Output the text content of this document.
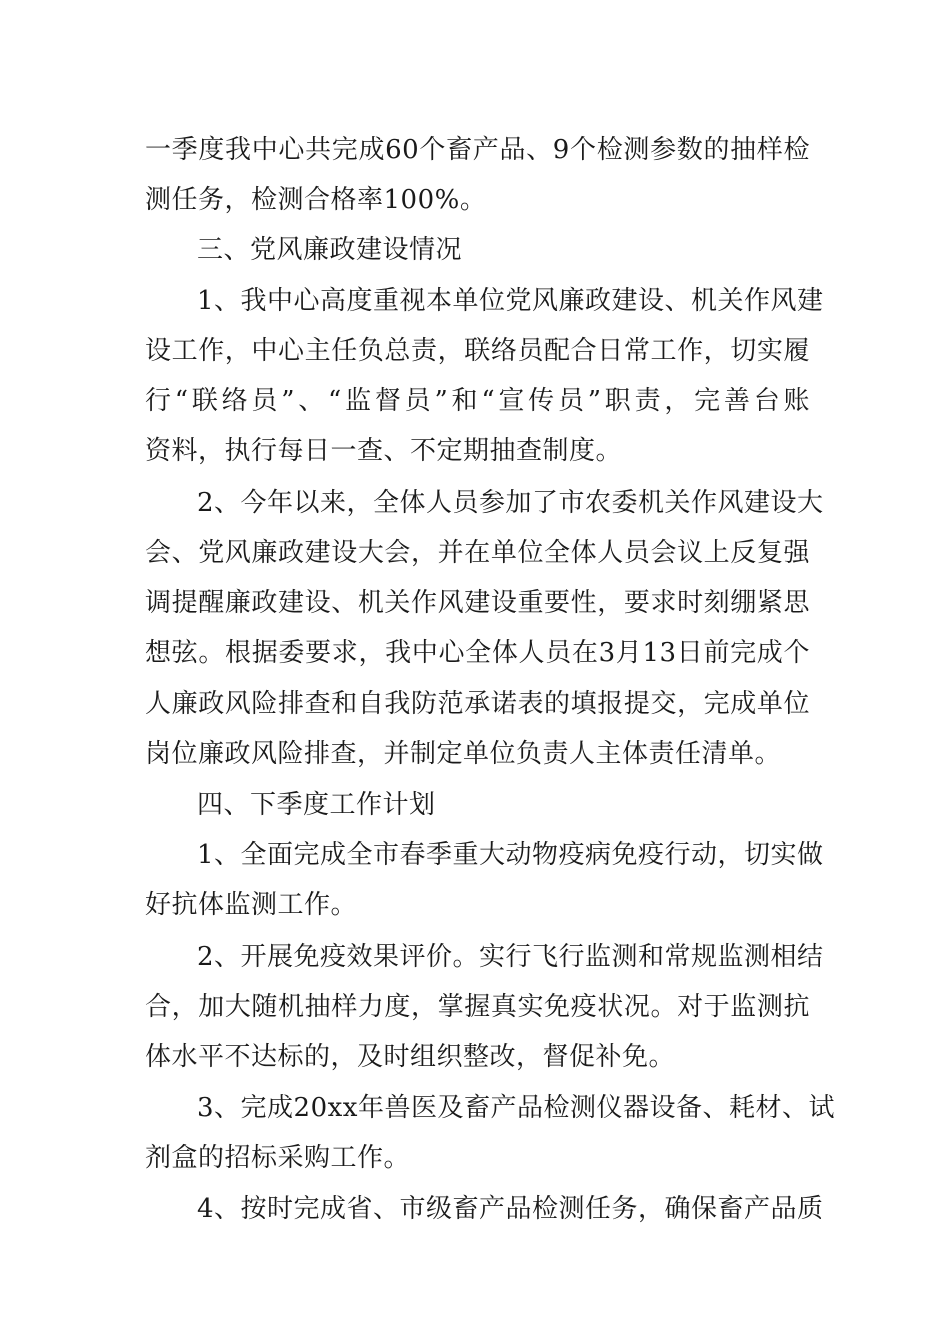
一季度我中心共完成60个畜产品、9个检测参数的抽样检
测任务，检测合格率100%。
三、党风廉政建设情况
1、我中心高度重视本单位党风廉政建设、机关作风建
设工作，中心主任负总责，联络员配合日常工作，切实履
行“联络员”、“监督员”和“宣传员”职责，完善台账
资料，执行每日一查、不定期抽查制度。
2、今年以来，全体人员参加了市农委机关作风建设大
会、党风廉政建设大会，并在单位全体人员会议上反复强
调提醒廉政建设、机关作风建设重要性，要求时刻绷紧思
想弦。根据委要求，我中心全体人员在3月13日前完成个
人廉政风险排查和自我防范承诺表的填报提交，完成单位
岗位廉政风险排查，并制定单位负责人主体责任清单。
四、下季度工作计划
1、全面完成全市春季重大动物疫病免疫行动，切实做
好抗体监测工作。
2、开展免疫效果评价。实行飞行监测和常规监测相结
合，加大随机抽样力度，掌握真实免疫状况。对于监测抗
体水平不达标的，及时组织整改，督促补免。
3、完成20xx年兽医及畜产品检测仪器设备、耗材、试
剂盒的招标采购工作。
4、按时完成省、市级畜产品检测任务，确保畜产品质
